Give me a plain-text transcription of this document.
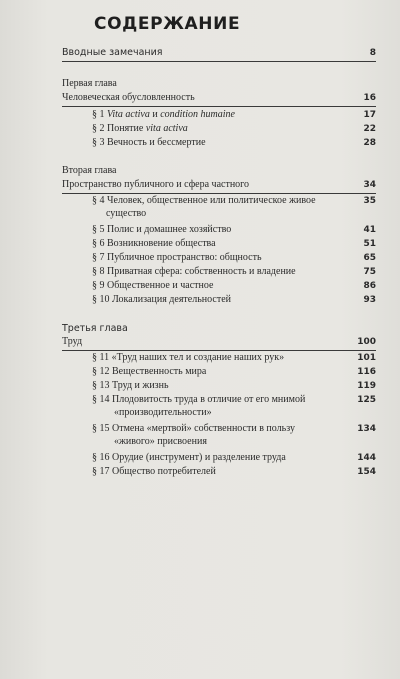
СОДЕРЖАНИЕ
Вводные замечания	8
Первая глава
Человеческая обусловленность	16
§ 1 Vita activa и condition humaine	17
§ 2 Понятие vita activa	22
§ 3 Вечность и бессмертие	28
Вторая глава
Пространство публичного и сфера частного	34
§ 4 Человек, общественное или политическое живое	35
существо
§ 5 Полис и домашнее хозяйство	41
§ 6 Возникновение общества	51
§ 7 Публичное пространство: общность	65
§ 8 Приватная сфера: собственность и владение	75
§ 9 Общественное и частное	86
§ 10 Локализация деятельностей	93
Третья глава
Труд	100
§ 11 «Труд наших тел и создание наших рук»	101
§ 12 Вещественность мира	116
§ 13 Труд и жизнь	119
§ 14 Плодовитость труда в отличие от его мнимой	125
«производительности»
§ 15 Отмена «мертвой» собственности в пользу	134
«живого» присвоения
§ 16 Орудие (инструмент) и разделение труда	144
§ 17 Общество потребителей	154
